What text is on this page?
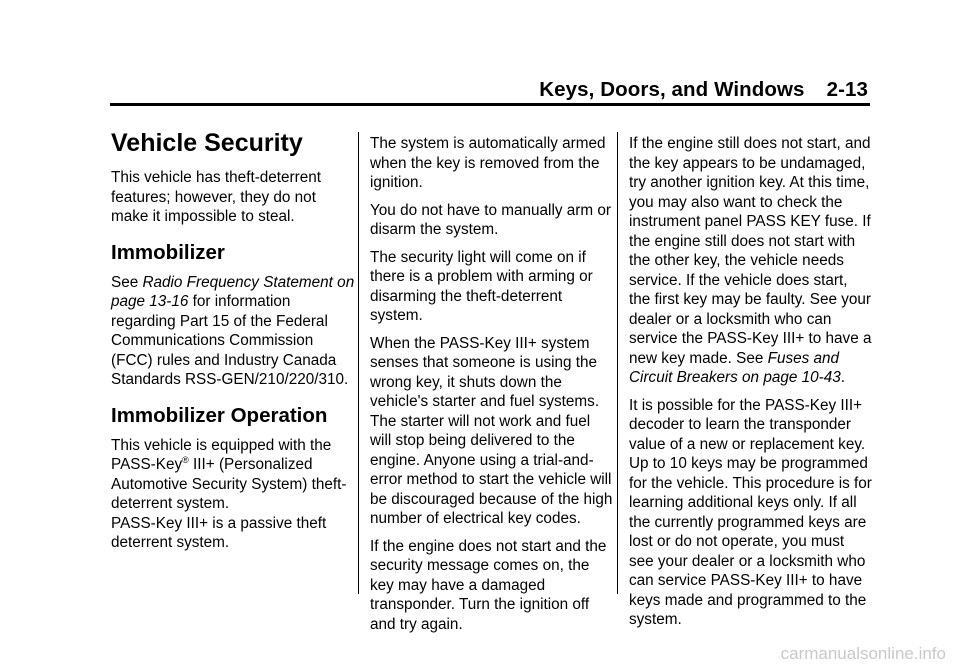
Keys, Doors, and Windows 2-13
Vehicle Security

This vehicle has theft-deterrent features; however, they do not make it impossible to steal.

Immobilizer

See Radio Frequency Statement on page 13-16 for information regarding Part 15 of the Federal Communications Commission (FCC) rules and Industry Canada Standards RSS-GEN/210/220/310.

Immobilizer Operation

This vehicle is equipped with the PASS-Key® III+ (Personalized Automotive Security System) theft-deterrent system.

PASS-Key III+ is a passive theft deterrent system.

The system is automatically armed when the key is removed from the ignition.

You do not have to manually arm or disarm the system.

The security light will come on if there is a problem with arming or disarming the theft-deterrent system.

When the PASS-Key III+ system senses that someone is using the wrong key, it shuts down the vehicle's starter and fuel systems. The starter will not work and fuel will stop being delivered to the engine. Anyone using a trial-and-error method to start the vehicle will be discouraged because of the high number of electrical key codes.

If the engine does not start and the security message comes on, the key may have a damaged transponder. Turn the ignition off and try again.

If the engine still does not start, and the key appears to be undamaged, try another ignition key. At this time, you may also want to check the instrument panel PASS KEY fuse. If the engine still does not start with the other key, the vehicle needs service. If the vehicle does start, the first key may be faulty. See your dealer or a locksmith who can service the PASS-Key III+ to have a new key made. See Fuses and Circuit Breakers on page 10-43.

It is possible for the PASS-Key III+ decoder to learn the transponder value of a new or replacement key. Up to 10 keys may be programmed for the vehicle. This procedure is for learning additional keys only. If all the currently programmed keys are lost or do not operate, you must see your dealer or a locksmith who can service PASS-Key III+ to have keys made and programmed to the system.

carmanualsonline.info
